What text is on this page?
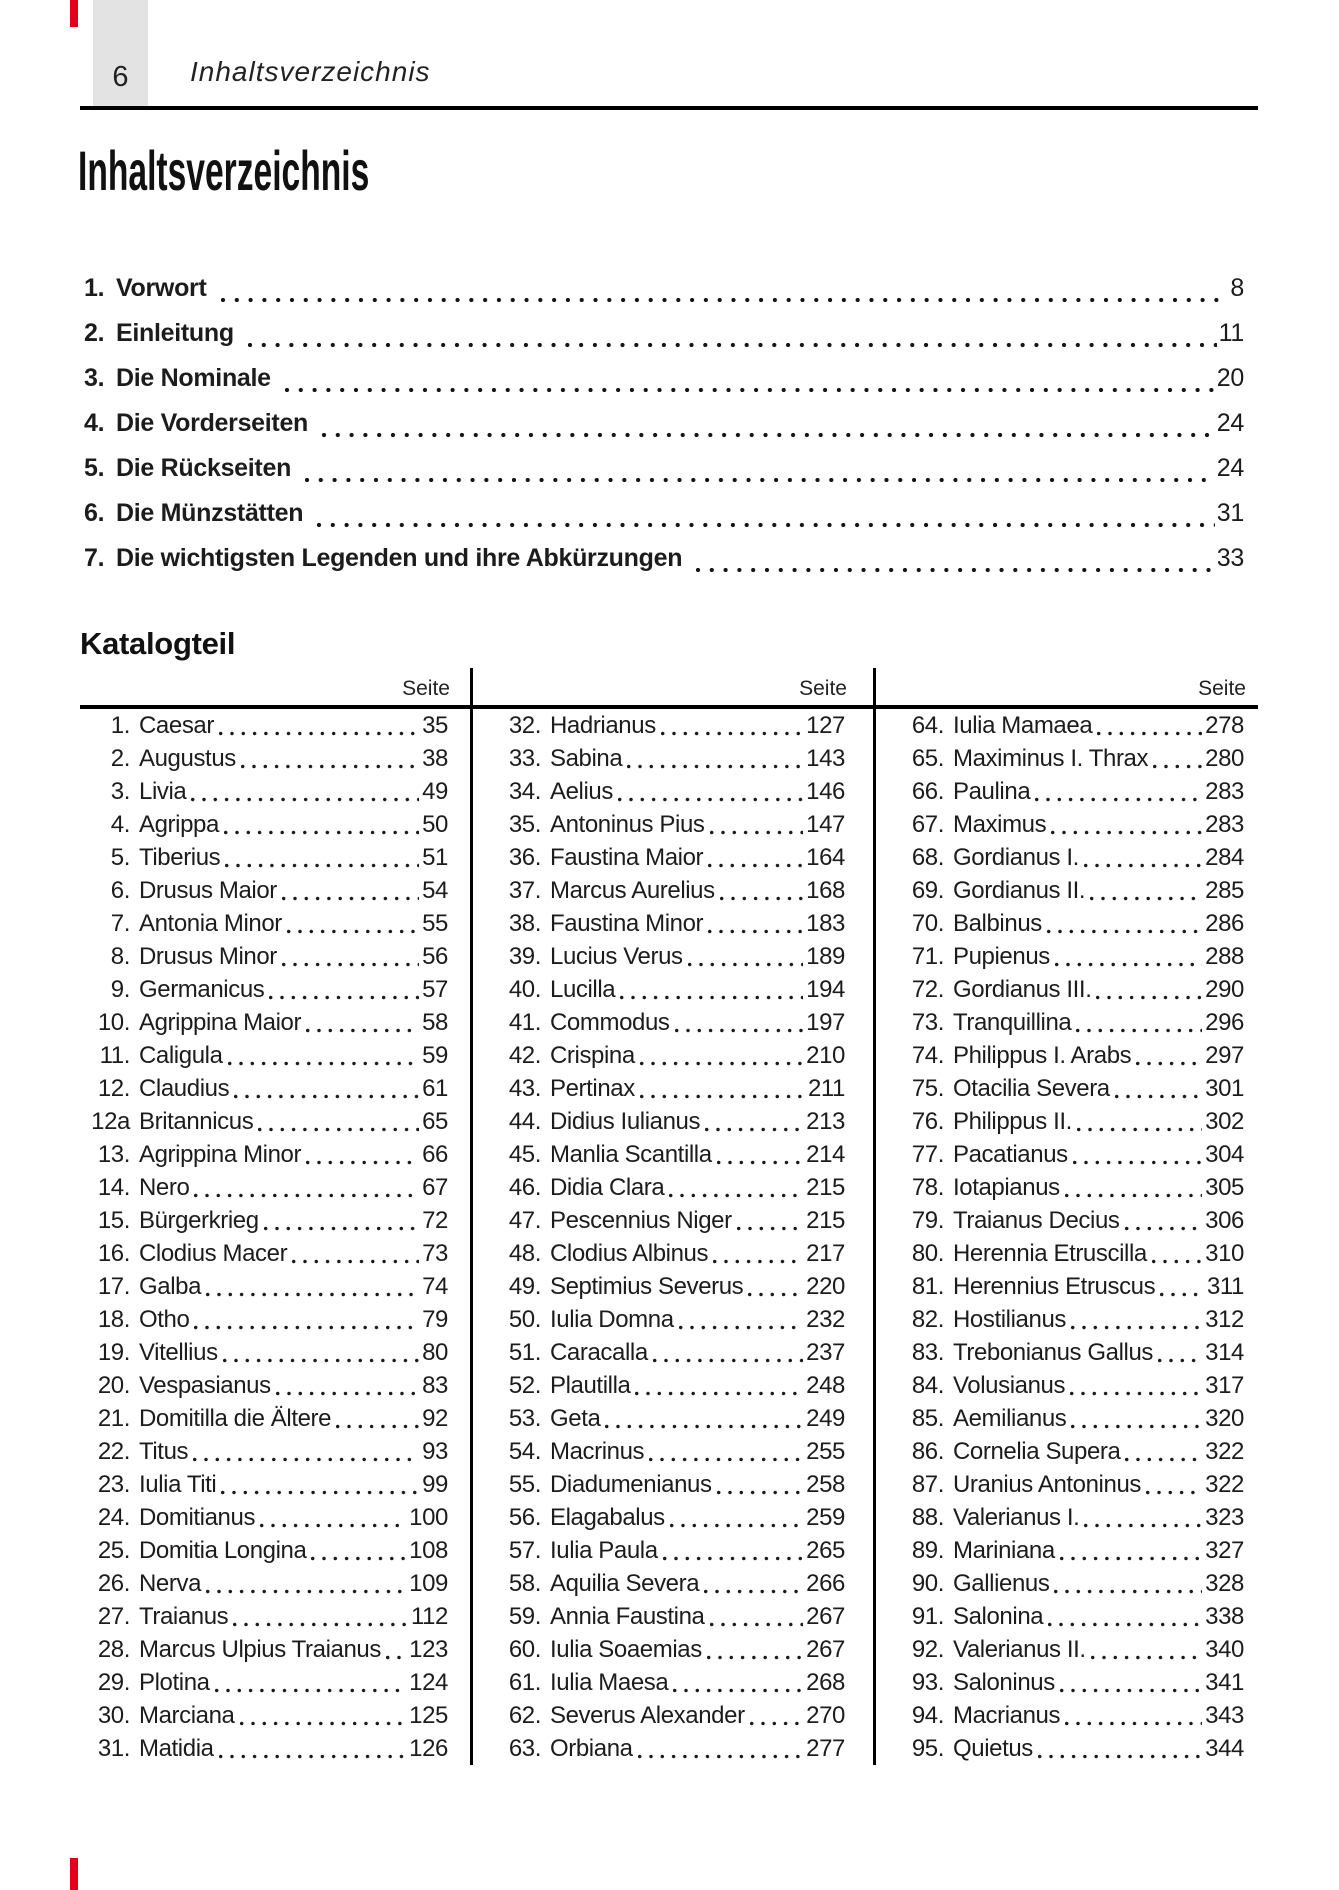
6 Inhaltsverzeichnis
Inhaltsverzeichnis
1. Vorwort	8
2. Einleitung	11
3. Die Nominale	20
4. Die Vorderseiten	24
5. Die Rückseiten	24
6. Die Münzstätten	31
7. Die wichtigsten Legenden und ihre Abkürzungen	33
Katalogteil
Seite
1. Caesar	35
2. Augustus	38
3. Livia	49
4. Agrippa	50
5. Tiberius	51
6. Drusus Maior	54
7. Antonia Minor	55
8. Drusus Minor	56
9. Germanicus	57
10. Agrippina Maior	58
11. Caligula	59
12. Claudius	61
12a Britannicus	65
13. Agrippina Minor	66
14. Nero	67
15. Bürgerkrieg	72
16. Clodius Macer	73
17. Galba	74
18. Otho	79
19. Vitellius	80
20. Vespasianus	83
21. Domitilla die Ältere	92
22. Titus	93
23. Iulia Titi	99
24. Domitianus	100
25. Domitia Longina	108
26. Nerva	109
27. Traianus	112
28. Marcus Ulpius Traianus 123
29. Plotina	124
30. Marciana	125
31. Matidia	126
Seite
32. Hadrianus	127
33. Sabina	143
34. Aelius	146
35. Antoninus Pius	147
36. Faustina Maior	164
37. Marcus Aurelius	168
38. Faustina Minor	183
39. Lucius Verus	189
40. Lucilla	194
41. Commodus	197
42. Crispina	210
43. Pertinax	211
44. Didius Iulianus	213
45. Manlia Scantilla	214
46. Didia Clara	215
47. Pescennius Niger	215
48. Clodius Albinus	217
49. Septimius Severus	220
50. Iulia Domna	232
51. Caracalla	237
52. Plautilla	248
53. Geta	249
54. Macrinus	255
55. Diadumenianus	258
56. Elagabalus	259
57. Iulia Paula	265
58. Aquilia Severa	266
59. Annia Faustina	267
60. Iulia Soaemias	267
61. Iulia Maesa	268
62. Severus Alexander	270
63. Orbiana	277
Seite
64. Iulia Mamaea	278
65. Maximinus I. Thrax 280
66. Paulina	283
67. Maximus	283
68. Gordianus I.	284
69. Gordianus II.	285
70. Balbinus	286
71. Pupienus	288
72. Gordianus III.	290
73. Tranquillina	296
74. Philippus I. Arabs	297
75. Otacilia Severa	301
76. Philippus II.	302
77. Pacatianus	304
78. Iotapianus	305
79. Traianus Decius	306
80. Herennia Etruscilla 310
81. Herennius Etruscus 311
82. Hostilianus	312
83. Trebonianus Gallus 314
84. Volusianus	317
85. Aemilianus	320
86. Cornelia Supera	322
87. Uranius Antoninus	322
88. Valerianus I.	323
89. Mariniana	327
90. Gallienus	328
91. Salonina	338
92. Valerianus II.	340
93. Saloninus	341
94. Macrianus	343
95. Quietus	344
